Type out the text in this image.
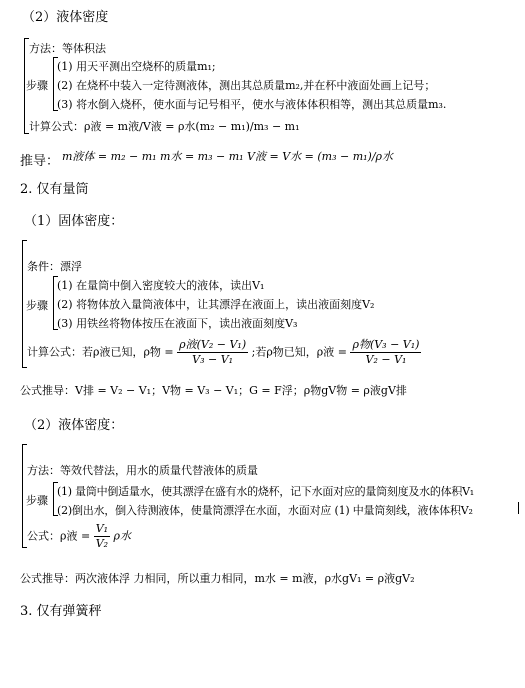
（2）液体密度
方法：等体积法
步骤
(1) 用天平测出空烧杯的质量m₁;
(2) 在烧杯中装入一定待测液体，测出其总质量m₂,并在杯中液面处画上记号；
(3) 将水倒入烧杯，使水面与记号相平，使水与液体体积相等，测出其总质量m₃.
计算公式：ρ液 = m液/V液 = ρ水(m₂ − m₁)/m₃ − m₁
推导： m液体 = m₂ − m₁ m水 = m₃ − m₁ V液 = V水 = (m₃ − m₁)/ρ水
2. 仅有量筒
（1）固体密度：
条件：漂浮
步骤
(1) 在量筒中倒入密度较大的液体，读出V₁
(2) 将物体放入量筒液体中，让其漂浮在液面上，读出液面刻度V₂
(3) 用铁丝将物体按压在液面下，读出液面刻度V₃
计算公式：若ρ液已知，ρ物 =
ρ液(V₂ − V₁)
V₃ − V₁
;若ρ物已知，ρ液 =
ρ物(V₃ − V₁)
V₂ − V₁
公式推导：V排 = V₂ − V₁；V物 = V₃ − V₁；G = F浮；ρ物gV物 = ρ液gV排
（2）液体密度：
方法：等效代替法，用水的质量代替液体的质量
步骤
(1) 量筒中倒适量水，使其漂浮在盛有水的烧杯，记下水面对应的量筒刻度及水的体积V₁
(2)倒出水，倒入待测液体，使量筒漂浮在水面，水面对应 (1) 中量筒刻线，液体体积V₂
公式：ρ液 = $\frac{\text{V₁}}{\text{V₂}}$ ρ水
公式推导：两次液体浮 力相同，所以重力相同，m水 = m液，ρ水gV₁ = ρ液gV₂
3. 仅有弹簧秤
